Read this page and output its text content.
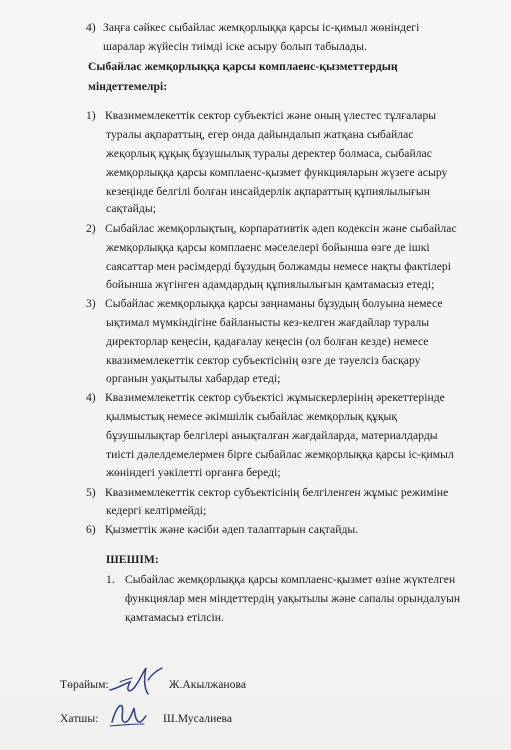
4) Заңға сәйкес сыбайлас жемқорлыққа қарсы іс-қимыл жөніндегі
шаралар жүйесін тиімді іске асыру болып табылады.
Сыбайлас жемқорлыққа қарсы комплаенс-қызметтердың
міндеттемелрі:
1) Квазимемлекеттік сектор субъектісі және оның үлестес тұлғалары
туралы ақпараттың, егер онда дайындалып жатқана сыбайлас
жеқорлық құқық бұзушылық туралы деректер болмаса, сыбайлас
жемқорлыққа қарсы комплаенс-қызмет функцияларын жүзеге асыру
кезеңінде белгілі болған инсайдерлік ақпараттың құпиялылығын
сақтайды;
2) Сыбайлас жемқорлықтың, корпаративтік әдеп кодексін және сыбайлас
жемқорлыққа қарсы комплаенс мәселелері бойынша өзге де ішкі
саясаттар мен рәсімдерді бұзудың болжамды немесе нақты фактілері
бойынша жүгінген адамдардың құпиялылығын қамтамасыз етеді;
3) Сыбайлас жемқорлыққа қарсы заңнаманы бұзудың болуына немесе
ықтимал мүмкіндігіне байланысты кез-келген жағдайлар туралы
директорлар кеңесін, қадағалау кеңесін (ол болған кезде) немесе
квазимемлекеттік сектор субъектісінің өзге де тәуелсіз басқару
органын уақытылы хабардар етеді;
4) Квазимемлекеттік сектор субъектісі жұмыскерлерінің әрекеттерінде
қылмыстық немесе әкімшілік сыбайлас жемқорлық құқық
бұзушылықтар белгілері анықталған жағдайларда, материалдарды
тиісті дәлелдемелермен бірге сыбайлас жемқорлыққа қарсы іс-қимыл
жөніндегі уәкілетті органға береді;
5) Квазимемлекеттік сектор субъектісінің белгіленген жұмыс режиміне
кедергі келтірмейді;
6) Қызметтік және кәсіби әдеп талаптарын сақтайды.
ШЕШІМ:
1. Сыбайлас жемқорлыққа қарсы комплаенс-қызмет өзіне жүктелген
функциялар мен міндеттердің уақытылы және сапалы орындалуын
қамтамасыз етілсін.
Төрайым:	Ж.Акылжанова
Хатшы:	Ш.Мусалиева
